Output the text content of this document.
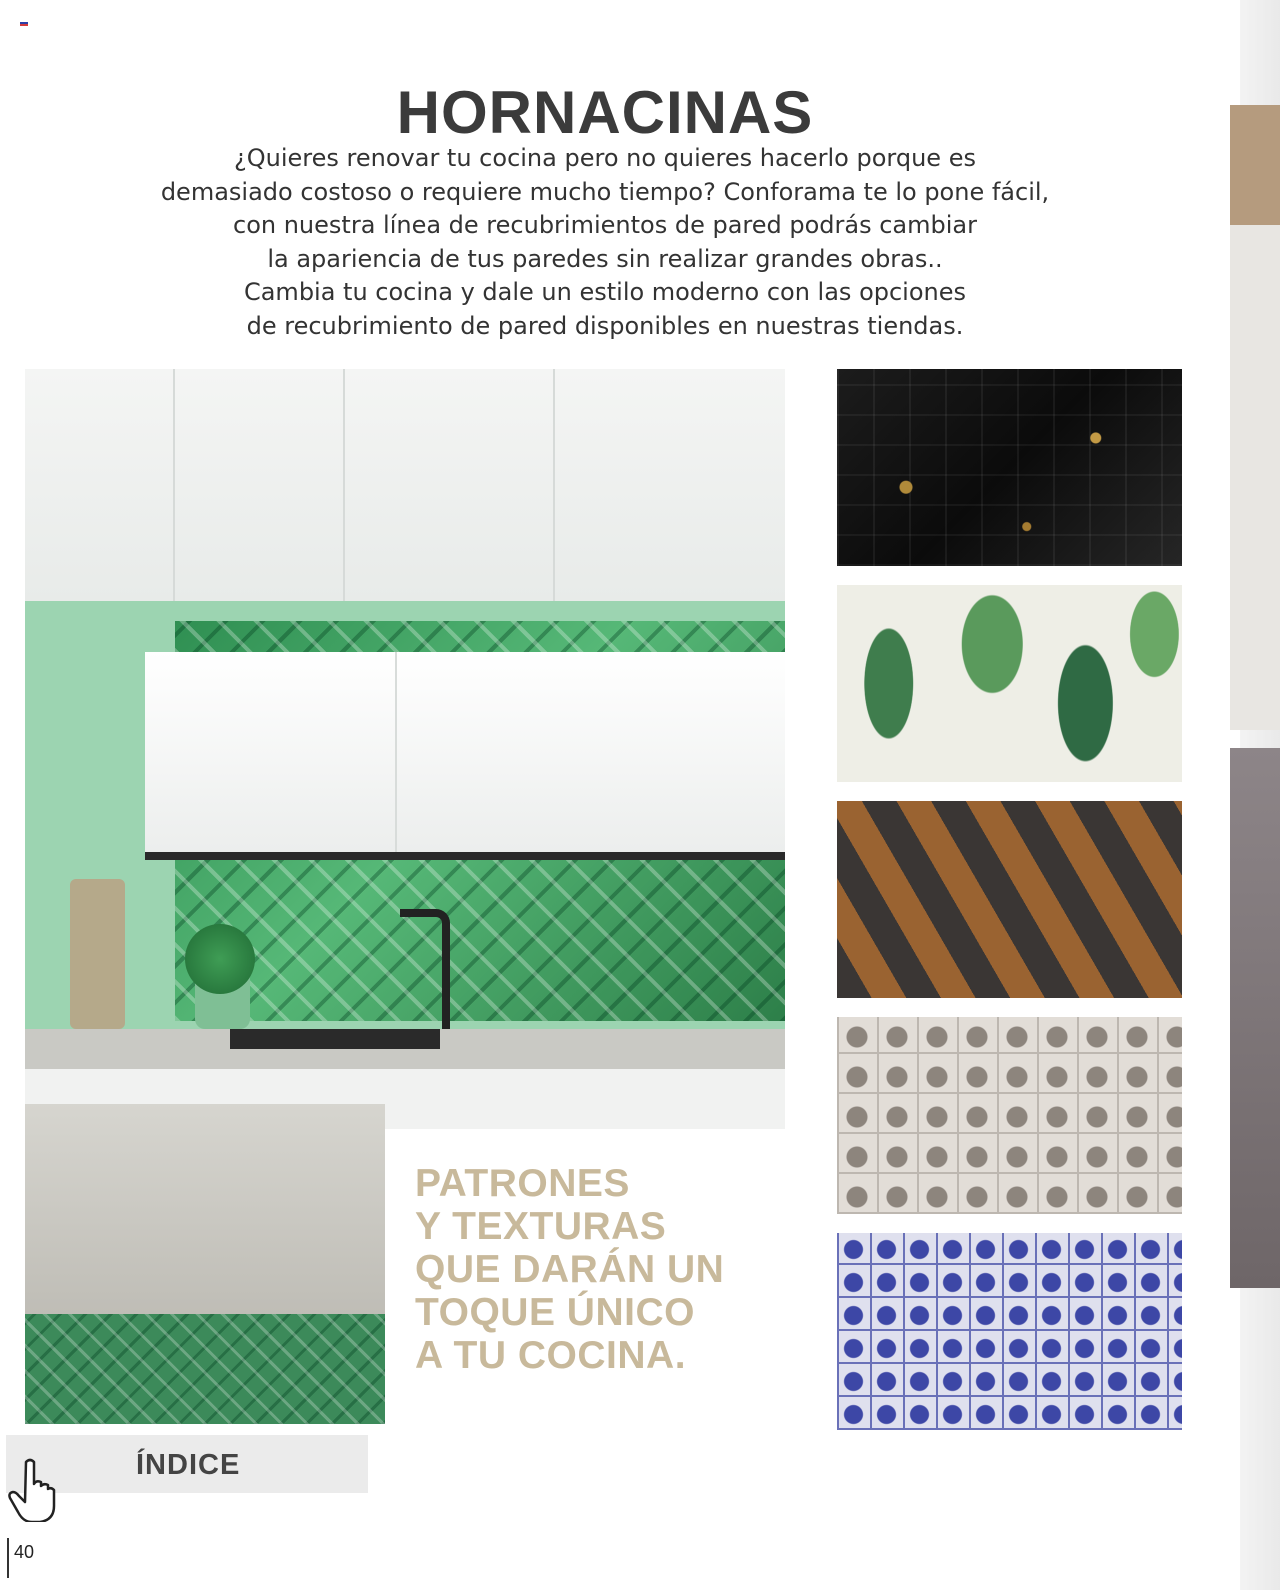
HORNACINAS
¿Quieres renovar tu cocina pero no quieres hacerlo porque es
demasiado costoso o requiere mucho tiempo? Conforama te lo pone fácil,
con nuestra línea de recubrimientos de pared podrás cambiar
la apariencia de tus paredes sin realizar grandes obras..
Cambia tu cocina y dale un estilo moderno con las opciones
de recubrimiento de pared disponibles en nuestras tiendas.
PATRONES
Y TEXTURAS
QUE DARÁN UN
TOQUE ÚNICO
A TU COCINA.
ÍNDICE
40
